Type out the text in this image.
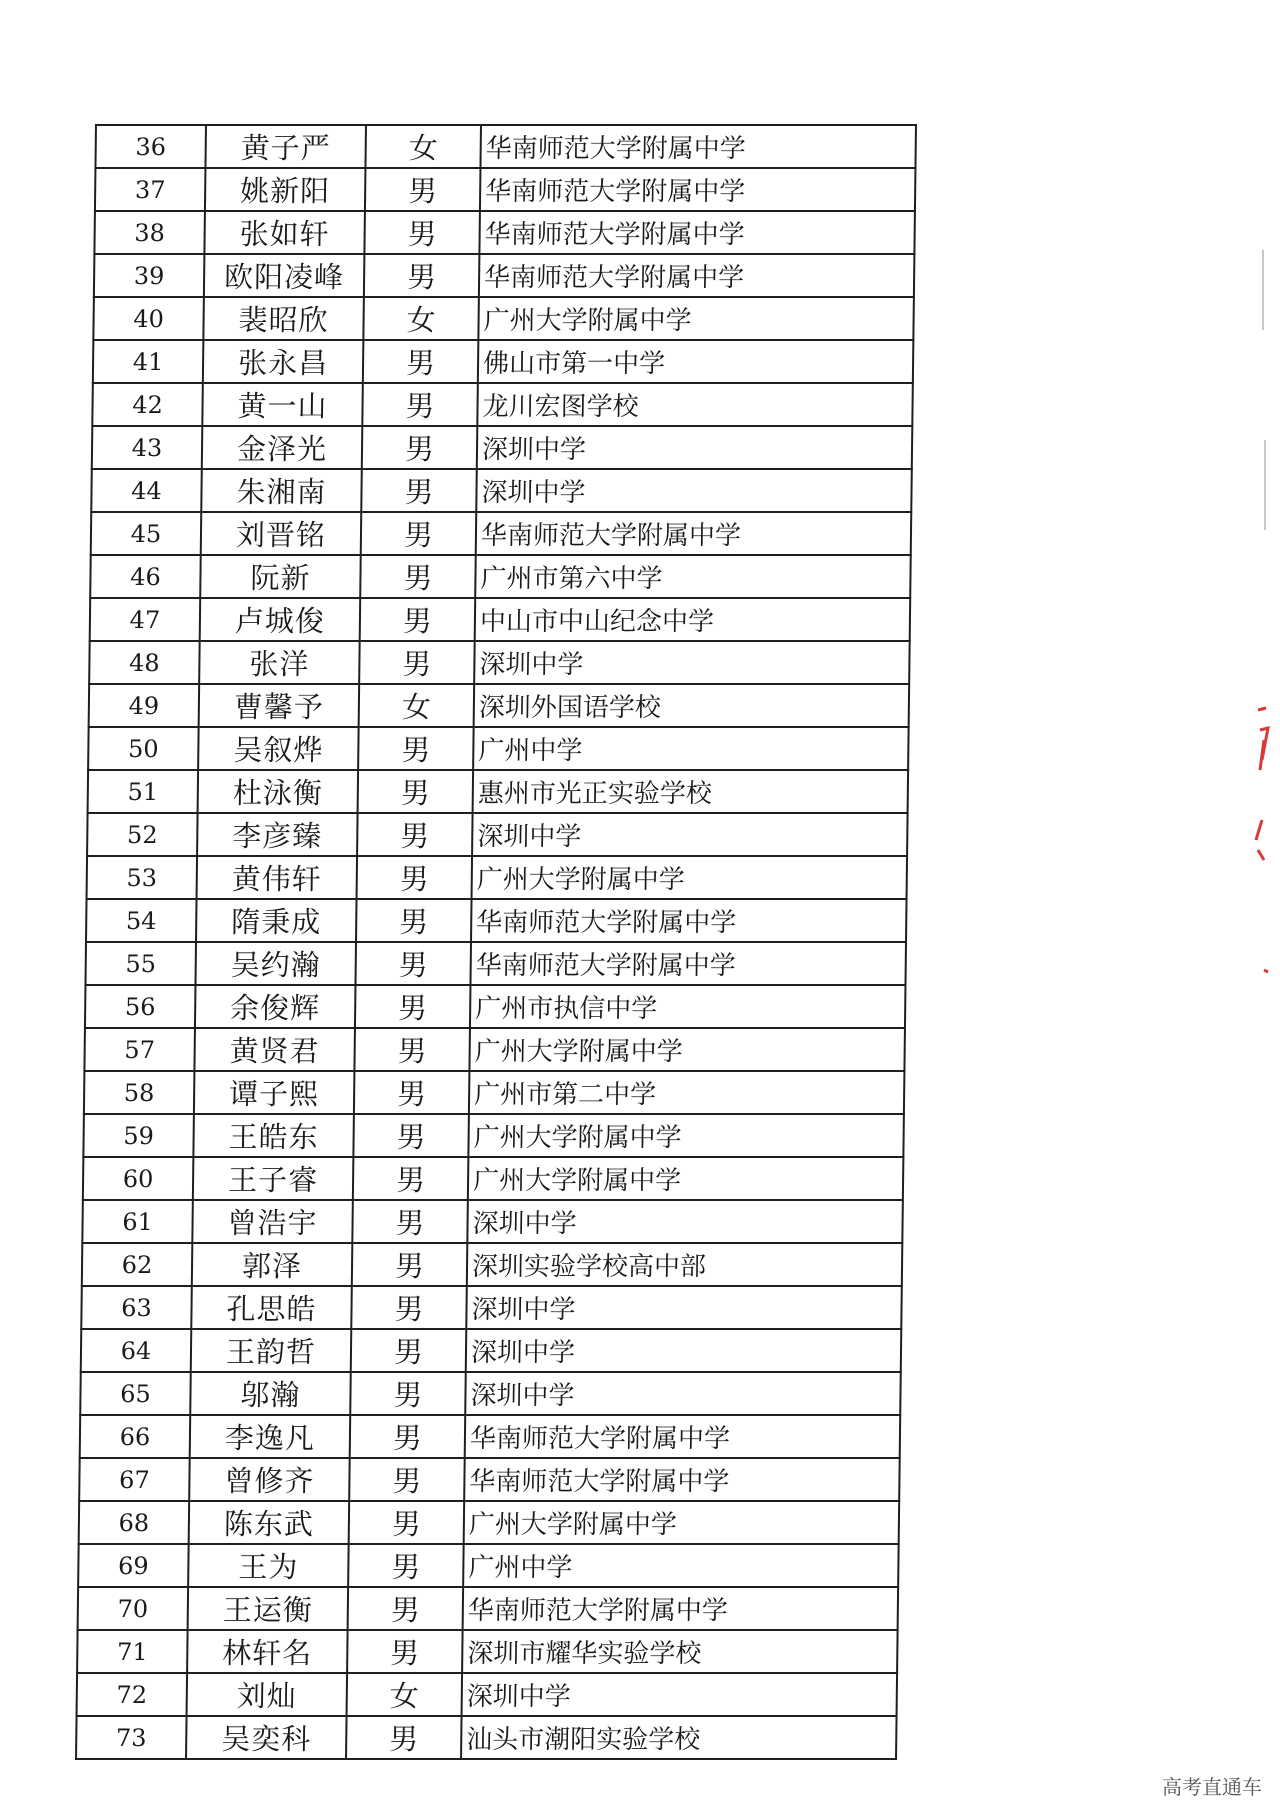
36	黄子严	女	华南师范大学附属中学
37	姚新阳	男	华南师范大学附属中学
38	张如轩	男	华南师范大学附属中学
39	欧阳凌峰	男	华南师范大学附属中学
40	裴昭欣	女	广州大学附属中学
41	张永昌	男	佛山市第一中学
42	黄一山	男	龙川宏图学校
43	金泽光	男	深圳中学
44	朱湘南	男	深圳中学
45	刘晋铭	男	华南师范大学附属中学
46	阮新	男	广州市第六中学
47	卢城俊	男	中山市中山纪念中学
48	张洋	男	深圳中学
49	曹馨予	女	深圳外国语学校
50	吴叙烨	男	广州中学
51	杜泳衡	男	惠州市光正实验学校
52	李彦臻	男	深圳中学
53	黄伟轩	男	广州大学附属中学
54	隋秉成	男	华南师范大学附属中学
55	吴约瀚	男	华南师范大学附属中学
56	余俊辉	男	广州市执信中学
57	黄贤君	男	广州大学附属中学
58	谭子熙	男	广州市第二中学
59	王皓东	男	广州大学附属中学
60	王子睿	男	广州大学附属中学
61	曾浩宇	男	深圳中学
62	郭泽	男	深圳实验学校高中部
63	孔思皓	男	深圳中学
64	王韵哲	男	深圳中学
65	邬瀚	男	深圳中学
66	李逸凡	男	华南师范大学附属中学
67	曾修齐	男	华南师范大学附属中学
68	陈东武	男	广州大学附属中学
69	王为	男	广州中学
70	王运衡	男	华南师范大学附属中学
71	林轩名	男	深圳市耀华实验学校
72	刘灿	女	深圳中学
73	吴奕科	男	汕头市潮阳实验学校
高考直通车
